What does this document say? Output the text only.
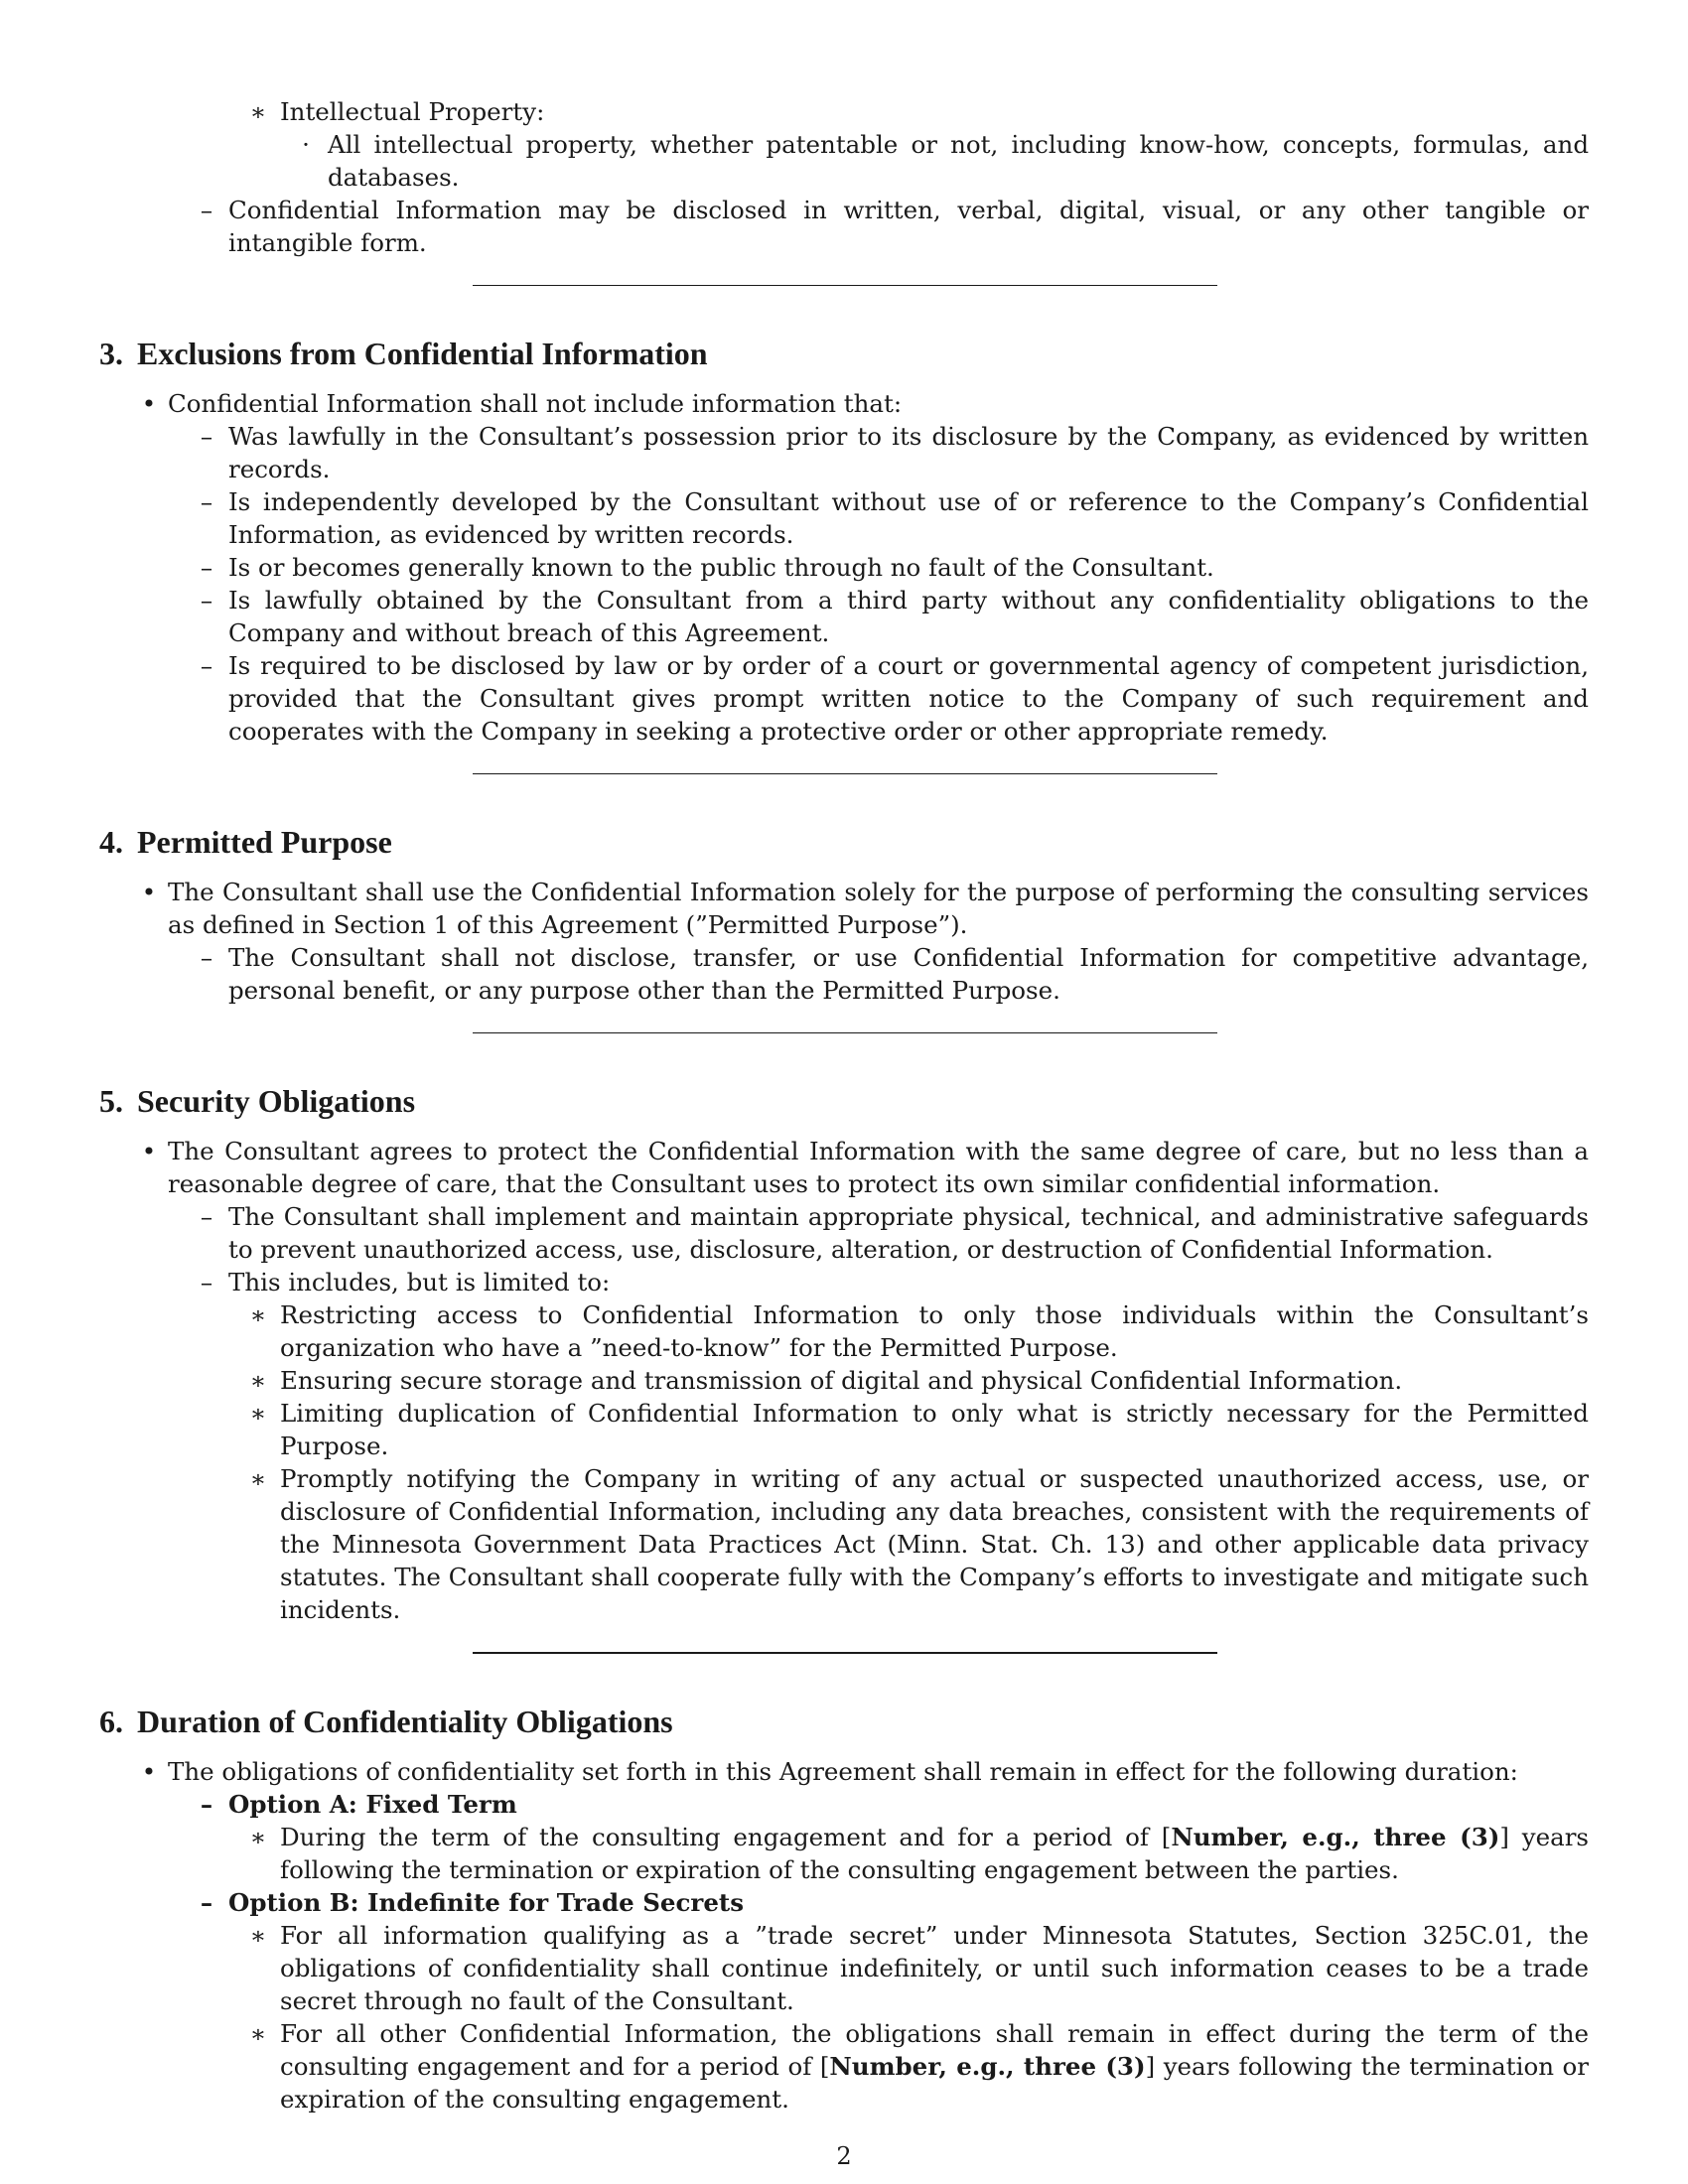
∗ Intellectual Property:
· All intellectual property, whether patentable or not, including know-how, concepts, formulas, and databases.
– Confidential Information may be disclosed in written, verbal, digital, visual, or any other tangible or intangible form.
3. Exclusions from Confidential Information
• Confidential Information shall not include information that:
– Was lawfully in the Consultant’s possession prior to its disclosure by the Company, as evidenced by written records.
– Is independently developed by the Consultant without use of or reference to the Company’s Confidential Information, as evidenced by written records.
– Is or becomes generally known to the public through no fault of the Consultant.
– Is lawfully obtained by the Consultant from a third party without any confidentiality obligations to the Company and without breach of this Agreement.
– Is required to be disclosed by law or by order of a court or governmental agency of competent jurisdiction, provided that the Consultant gives prompt written notice to the Company of such requirement and cooperates with the Company in seeking a protective order or other appropriate remedy.
4. Permitted Purpose
• The Consultant shall use the Confidential Information solely for the purpose of performing the consulting services as defined in Section 1 of this Agreement (”Permitted Purpose”).
– The Consultant shall not disclose, transfer, or use Confidential Information for competitive advantage, personal benefit, or any purpose other than the Permitted Purpose.
5. Security Obligations
• The Consultant agrees to protect the Confidential Information with the same degree of care, but no less than a reasonable degree of care, that the Consultant uses to protect its own similar confidential information.
– The Consultant shall implement and maintain appropriate physical, technical, and administrative safeguards to prevent unauthorized access, use, disclosure, alteration, or destruction of Confidential Information.
– This includes, but is limited to:
∗ Restricting access to Confidential Information to only those individuals within the Consultant’s organization who have a ”need-to-know” for the Permitted Purpose.
∗ Ensuring secure storage and transmission of digital and physical Confidential Information.
∗ Limiting duplication of Confidential Information to only what is strictly necessary for the Permitted Purpose.
∗ Promptly notifying the Company in writing of any actual or suspected unauthorized access, use, or disclosure of Confidential Information, including any data breaches, consistent with the requirements of the Minnesota Government Data Practices Act (Minn. Stat. Ch. 13) and other applicable data privacy statutes. The Consultant shall cooperate fully with the Company’s efforts to investigate and mitigate such incidents.
6. Duration of Confidentiality Obligations
• The obligations of confidentiality set forth in this Agreement shall remain in effect for the following duration:
– Option A: Fixed Term
∗ During the term of the consulting engagement and for a period of [Number, e.g., three (3)] years following the termination or expiration of the consulting engagement between the parties.
– Option B: Indefinite for Trade Secrets
∗ For all information qualifying as a ”trade secret” under Minnesota Statutes, Section 325C.01, the obligations of confidentiality shall continue indefinitely, or until such information ceases to be a trade secret through no fault of the Consultant.
∗ For all other Confidential Information, the obligations shall remain in effect during the term of the consulting engagement and for a period of [Number, e.g., three (3)] years following the termination or expiration of the consulting engagement.
2
